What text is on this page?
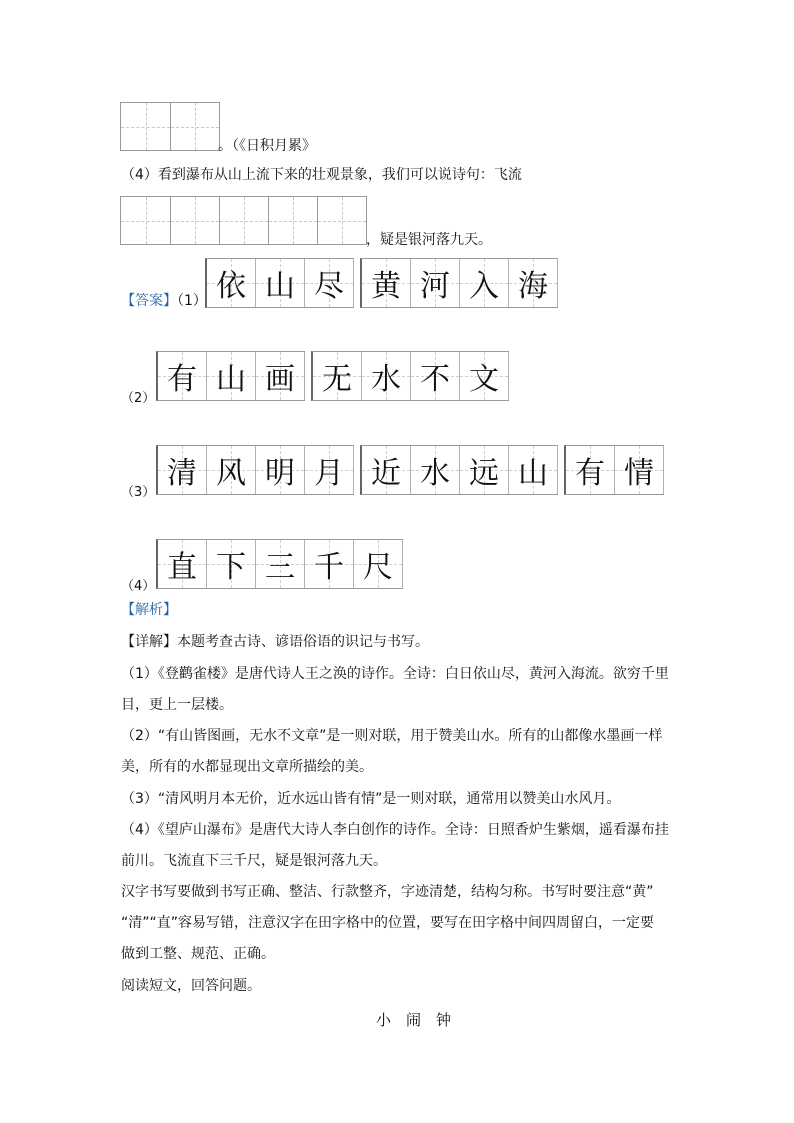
。（《日积月累》
（4）看到瀑布从山上流下来的壮观景象，我们可以说诗句：飞流
，疑是银河落九天。
【答案】（1） 依 山 尽 黄 河 入 海
（2）
有 山 画 无 水 不 文
（3）
清 风 明 月 近 水 远 山 有 情
（4）
直 下 三 千 尺
【解析】
【详解】本题考查古诗、谚语俗语的识记与书写。
（1）《登鹳雀楼》是唐代诗人王之涣的诗作。全诗：白日依山尽，黄河入海流。欲穷千里
目，更上一层楼。
（2）“有山皆图画，无水不文章”是一则对联，用于赞美山水。所有的山都像水墨画一样
美，所有的水都显现出文章所描绘的美。
（3）“清风明月本无价，近水远山皆有情”是一则对联，通常用以赞美山水风月。
（4）《望庐山瀑布》是唐代大诗人李白创作的诗作。全诗：日照香炉生紫烟，遥看瀑布挂
前川。飞流直下三千尺，疑是银河落九天。
汉字书写要做到书写正确、整洁、行款整齐，字迹清楚，结构匀称。书写时要注意“黄”
“清”“直”容易写错，注意汉字在田字格中的位置，要写在田字格中间四周留白，一定要
做到工整、规范、正确。
阅读短文，回答问题。
小　闹　钟
